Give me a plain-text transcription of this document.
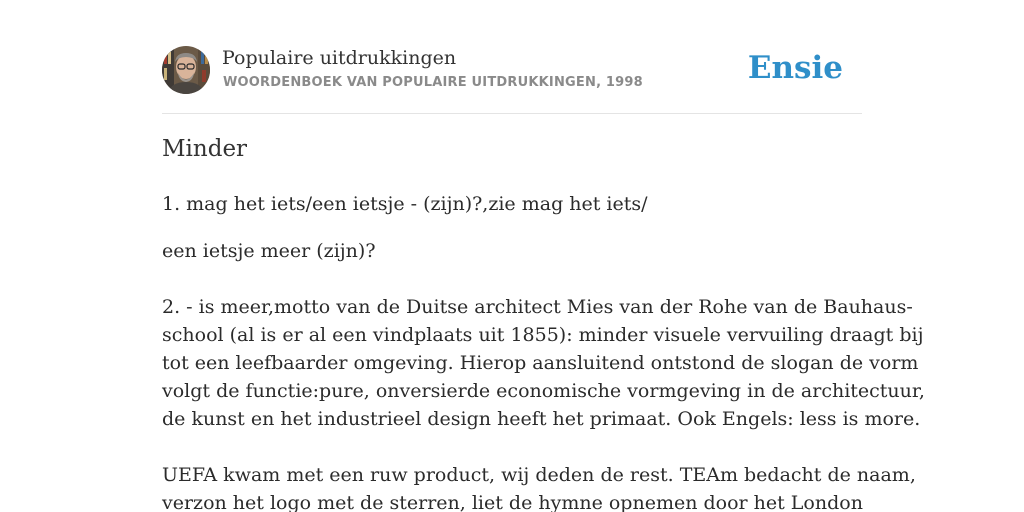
Populaire uitdrukkingen
WOORDENBOEK VAN POPULAIRE UITDRUKKINGEN, 1998	Ensie
Minder

1. mag het iets/een ietsje - (zijn)?,zie mag het iets/

een ietsje meer (zijn)?

2. - is meer,motto van de Duitse architect Mies van der Rohe van de Bauhaus-
school (al is er al een vindplaats uit 1855): minder visuele vervuiling draagt bij
tot een leefbaarder omgeving. Hierop aansluitend ontstond de slogan de vorm
volgt de functie:pure, onversierde economische vormgeving in de architectuur,
de kunst en het industrieel design heeft het primaat. Ook Engels: less is more.

UEFA kwam met een ruw product, wij deden de rest. TEAm bedacht de naam,
verzon het logo met de sterren, liet de hymne opnemen door het London
